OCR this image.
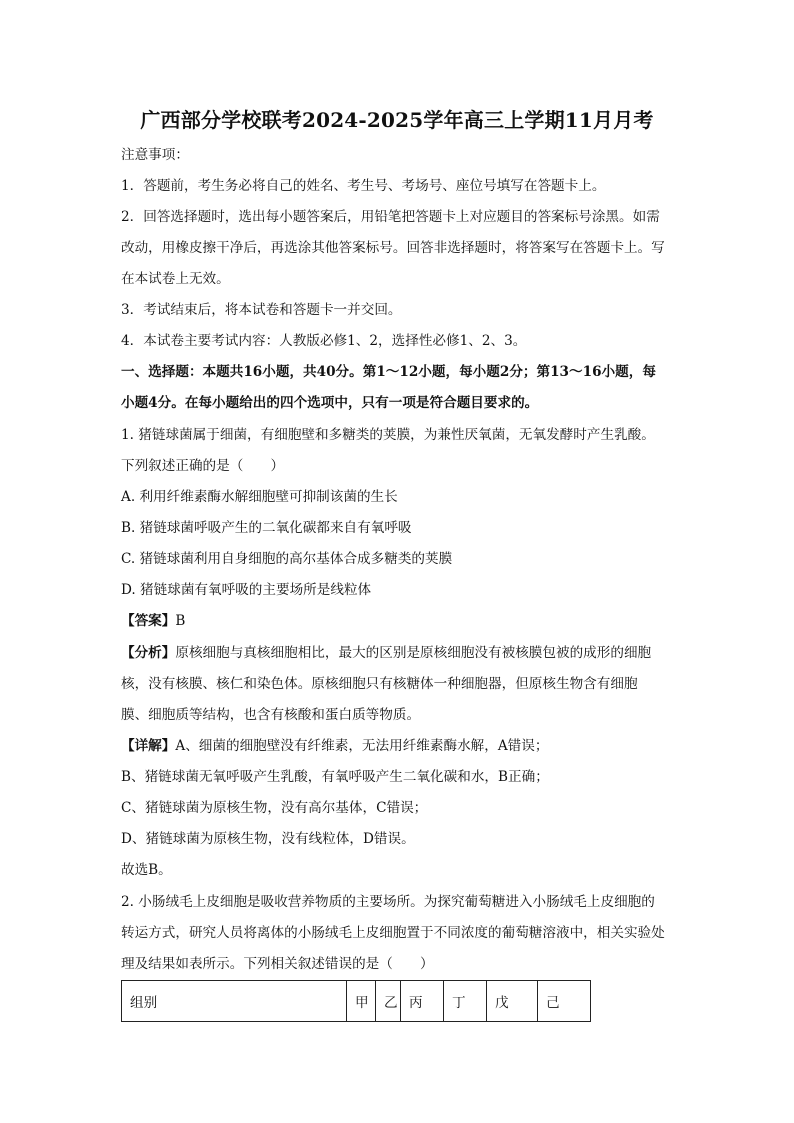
广西部分学校联考2024-2025学年高三上学期11月月考
注意事项：
1．答题前，考生务必将自己的姓名、考生号、考场号、座位号填写在答题卡上。
2．回答选择题时，选出每小题答案后，用铅笔把答题卡上对应题目的答案标号涂黑。如需
改动，用橡皮擦干净后，再选涂其他答案标号。回答非选择题时，将答案写在答题卡上。写
在本试卷上无效。
3．考试结束后，将本试卷和答题卡一并交回。
4．本试卷主要考试内容：人教版必修1、2，选择性必修1、2、3。
一、选择题：本题共16小题，共40分。第1～12小题，每小题2分；第13～16小题，每
小题4分。在每小题给出的四个选项中，只有一项是符合题目要求的。
1. 猪链球菌属于细菌，有细胞壁和多糖类的荚膜，为兼性厌氧菌，无氧发酵时产生乳酸。
下列叙述正确的是（　　）
A. 利用纤维素酶水解细胞壁可抑制该菌的生长
B. 猪链球菌呼吸产生的二氧化碳都来自有氧呼吸
C. 猪链球菌利用自身细胞的高尔基体合成多糖类的荚膜
D. 猪链球菌有氧呼吸的主要场所是线粒体
【答案】B
【分析】原核细胞与真核细胞相比，最大的区别是原核细胞没有被核膜包被的成形的细胞
核，没有核膜、核仁和染色体。原核细胞只有核糖体一种细胞器，但原核生物含有细胞
膜、细胞质等结构，也含有核酸和蛋白质等物质。
【详解】A、细菌的细胞壁没有纤维素，无法用纤维素酶水解，A错误；
B、猪链球菌无氧呼吸产生乳酸，有氧呼吸产生二氧化碳和水，B正确；
C、猪链球菌为原核生物，没有高尔基体，C错误；
D、猪链球菌为原核生物，没有线粒体，D错误。
故选B。
2. 小肠绒毛上皮细胞是吸收营养物质的主要场所。为探究葡萄糖进入小肠绒毛上皮细胞的
转运方式，研究人员将离体的小肠绒毛上皮细胞置于不同浓度的葡萄糖溶液中，相关实验处
理及结果如表所示。下列相关叙述错误的是（　　）
组别	甲	乙	丙	丁	戊	己
